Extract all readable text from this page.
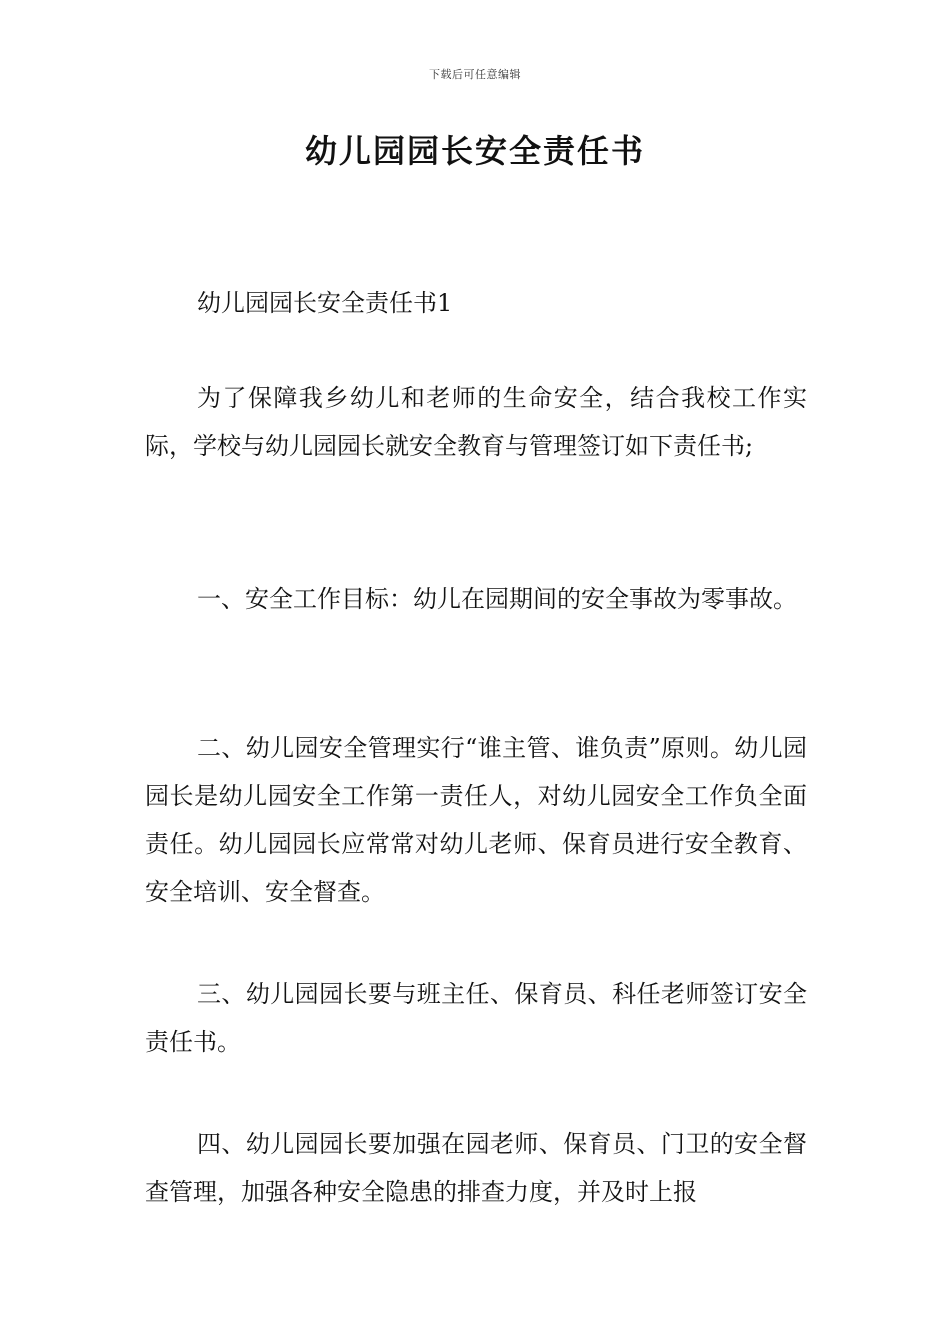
下载后可任意编辑
幼儿园园长安全责任书

幼儿园园长安全责任书1

为了保障我乡幼儿和老师的生命安全，结合我校工作实际，学校与幼儿园园长就安全教育与管理签订如下责任书;

一、安全工作目标：幼儿在园期间的安全事故为零事故。

二、幼儿园安全管理实行“谁主管、谁负责”原则。幼儿园园长是幼儿园安全工作第一责任人，对幼儿园安全工作负全面责任。幼儿园园长应常常对幼儿老师、保育员进行安全教育、安全培训、安全督查。

三、幼儿园园长要与班主任、保育员、科任老师签订安全责任书。

四、幼儿园园长要加强在园老师、保育员、门卫的安全督查管理，加强各种安全隐患的排查力度，并及时上报
